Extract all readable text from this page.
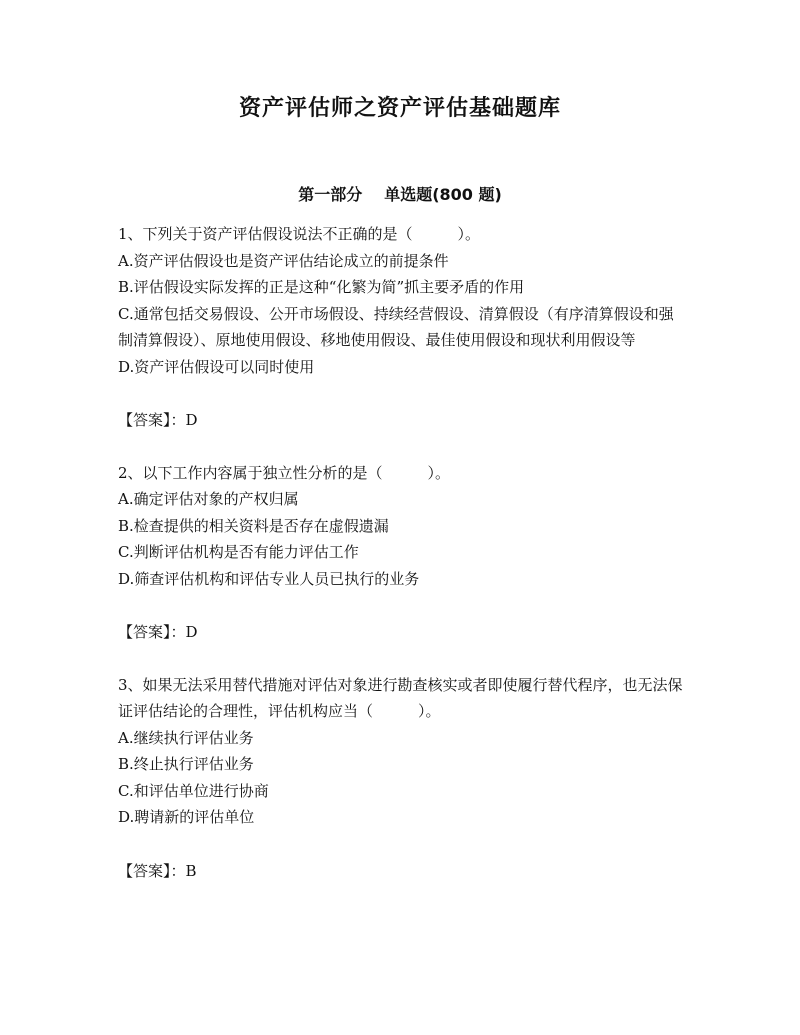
资产评估师之资产评估基础题库
第一部分 单选题(800 题)

1、下列关于资产评估假设说法不正确的是（　　　）。

A.资产评估假设也是资产评估结论成立的前提条件

B.评估假设实际发挥的正是这种“化繁为简”抓主要矛盾的作用

C.通常包括交易假设、公开市场假设、持续经营假设、清算假设（有序清算假设和强制清算假设）、原地使用假设、移地使用假设、最佳使用假设和现状利用假设等

D.资产评估假设可以同时使用

【答案】：D

2、以下工作内容属于独立性分析的是（　　　）。

A.确定评估对象的产权归属

B.检查提供的相关资料是否存在虚假遗漏

C.判断评估机构是否有能力评估工作

D.筛查评估机构和评估专业人员已执行的业务

【答案】：D

3、如果无法采用替代措施对评估对象进行勘查核实或者即使履行替代程序，也无法保证评估结论的合理性，评估机构应当（　　　）。

A.继续执行评估业务

B.终止执行评估业务

C.和评估单位进行协商

D.聘请新的评估单位

【答案】：B
